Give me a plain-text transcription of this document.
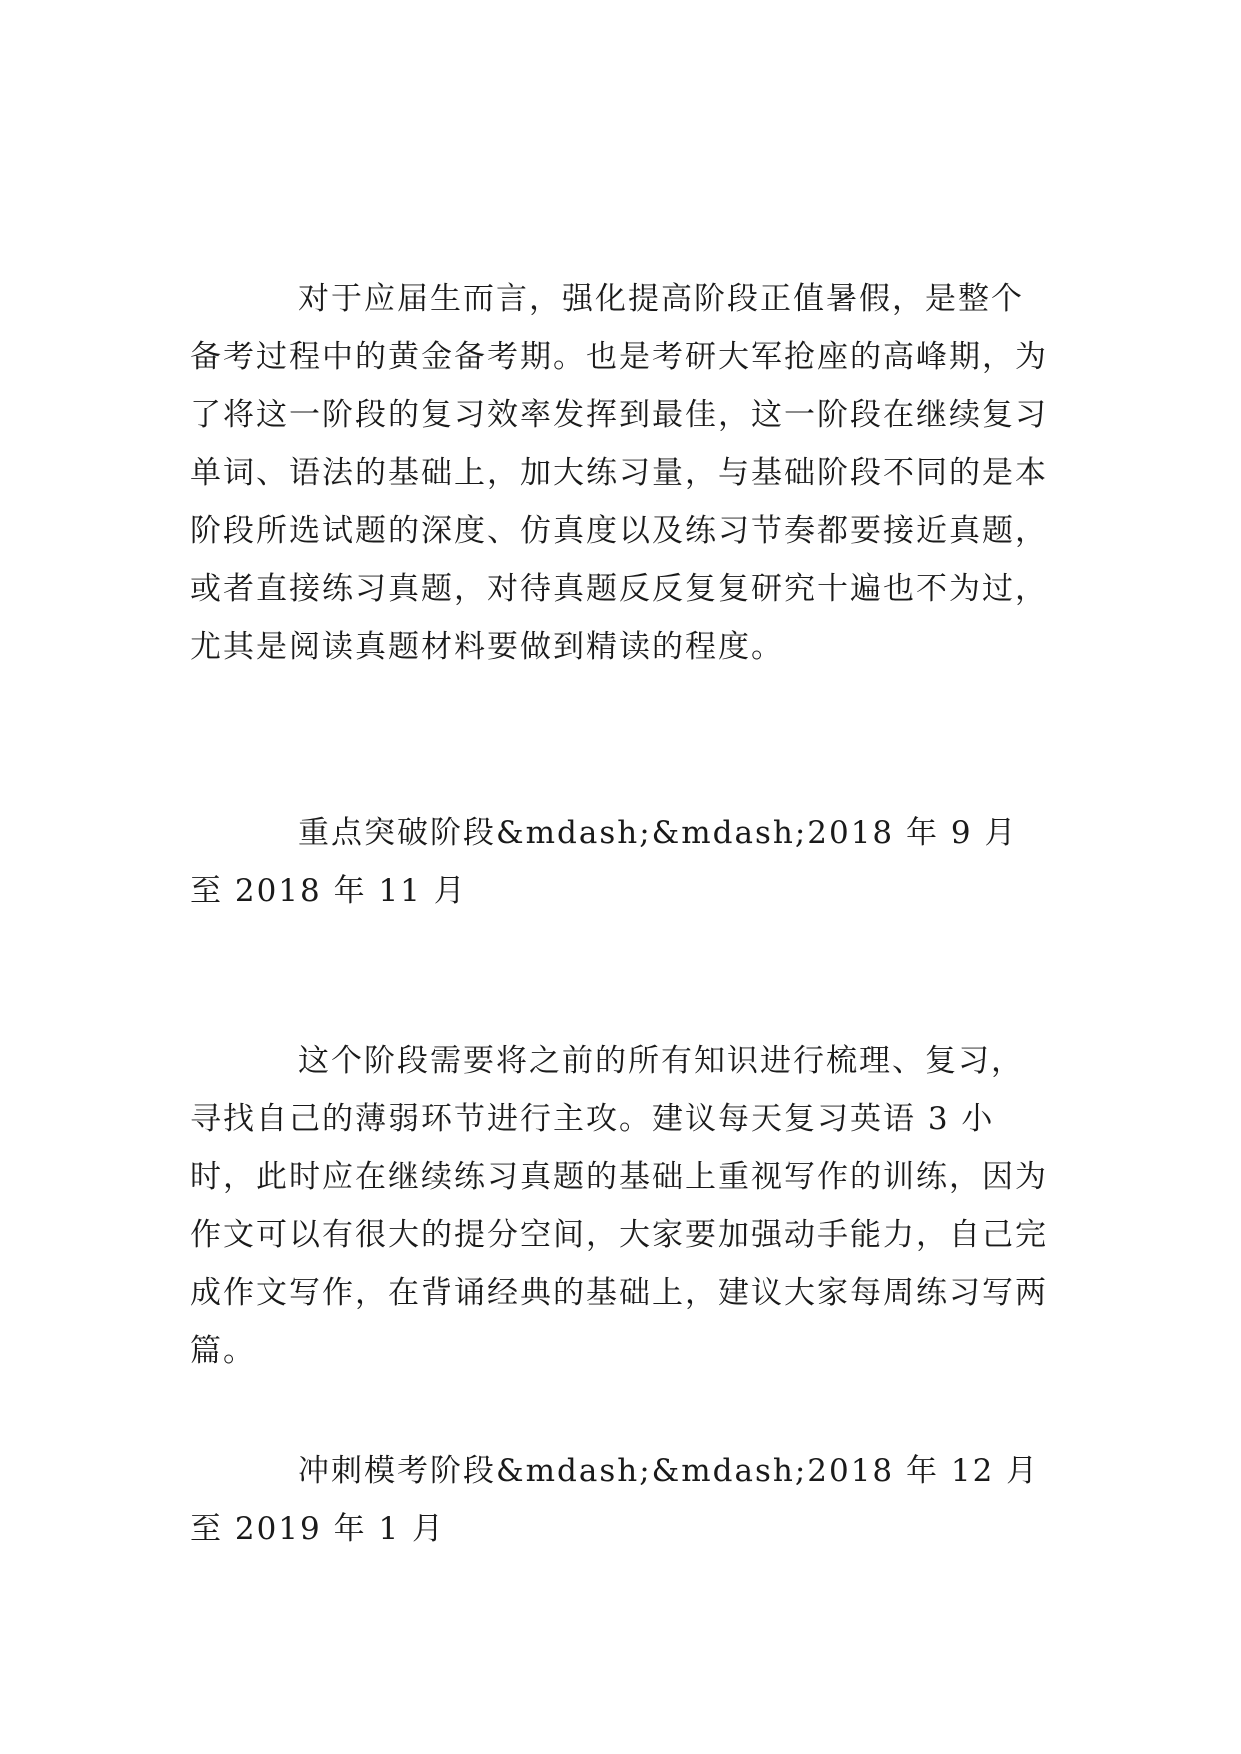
对于应届生而言，强化提高阶段正值暑假，是整个备考过程中的黄金备考期。也是考研大军抢座的高峰期，为了将这一阶段的复习效率发挥到最佳，这一阶段在继续复习单词、语法的基础上，加大练习量，与基础阶段不同的是本阶段所选试题的深度、仿真度以及练习节奏都要接近真题，或者直接练习真题，对待真题反反复复研究十遍也不为过，尤其是阅读真题材料要做到精读的程度。

重点突破阶段&mdash;&mdash;2018 年 9 月至 2018 年 11 月

这个阶段需要将之前的所有知识进行梳理、复习，寻找自己的薄弱环节进行主攻。建议每天复习英语 3 小时，此时应在继续练习真题的基础上重视写作的训练，因为作文可以有很大的提分空间，大家要加强动手能力，自己完成作文写作，在背诵经典的基础上，建议大家每周练习写两篇。

冲刺模考阶段&mdash;&mdash;2018 年 12 月至 2019 年 1 月
